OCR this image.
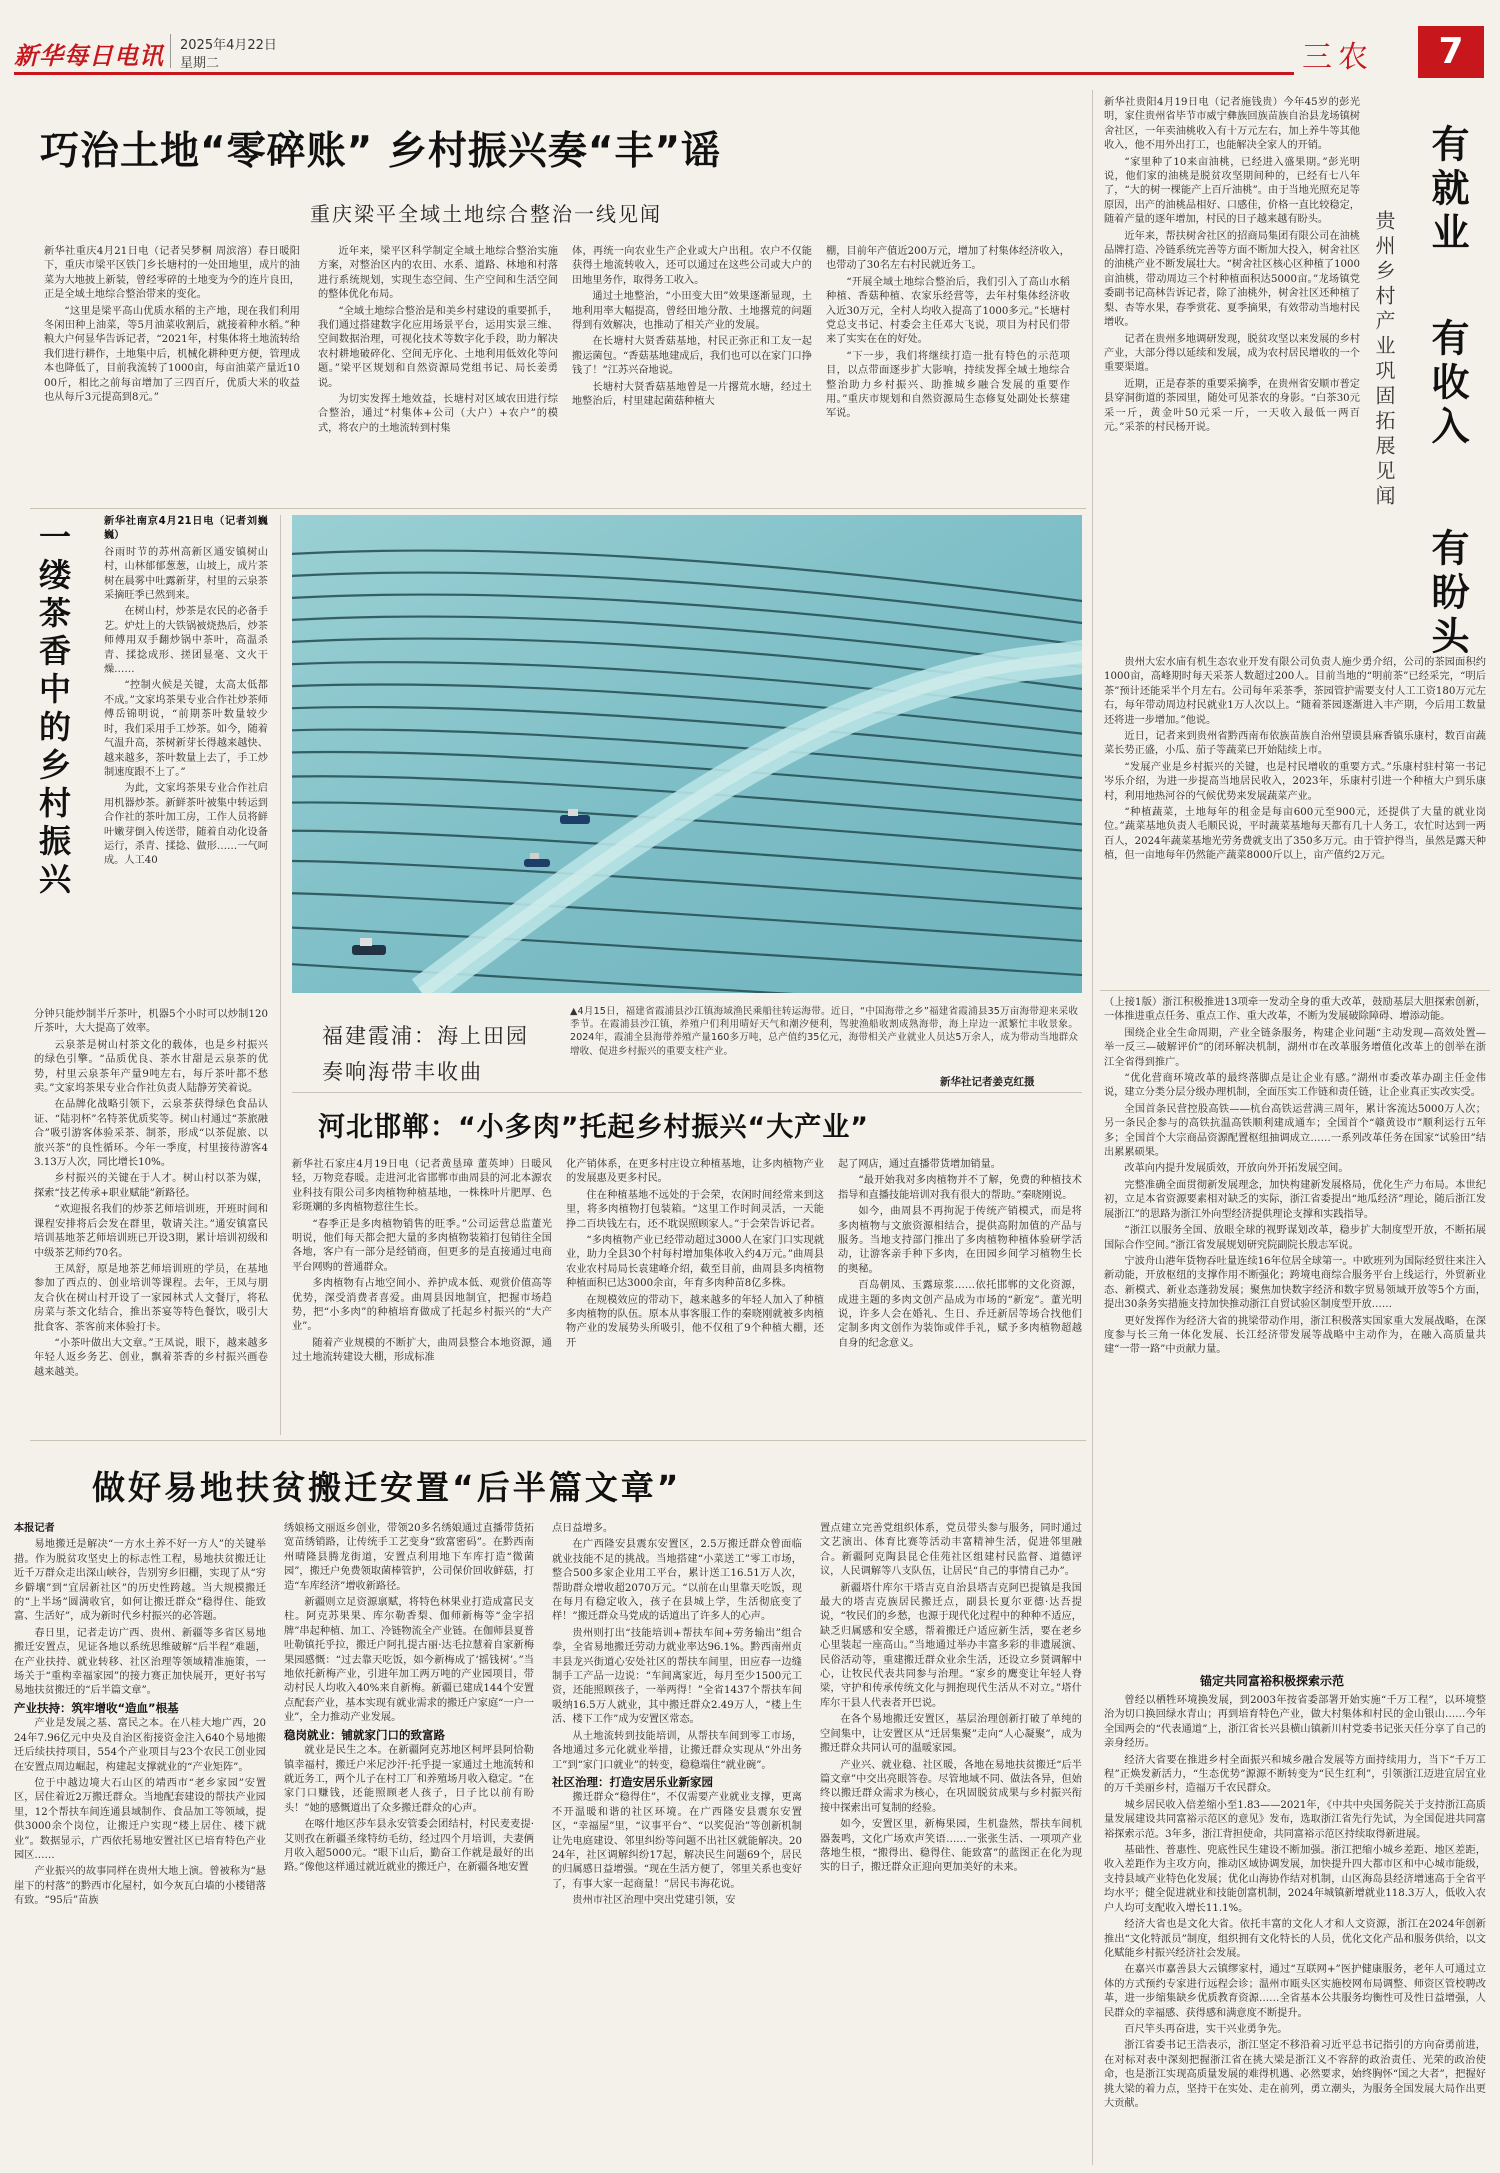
新华每日电讯 2025年4月22日
星期二	三农	7
巧治土地“零碎账” 乡村振兴奏“丰”谣
重庆梁平全域土地综合整治一线见闻

新华社重庆4月21日电（记者吴梦桐 周滨溶）春日暖阳下，重庆市梁平区铁门乡长塘村的一处田地里，成片的油菜为大地披上新装，曾经零碎的土地变为今的连片良田，正是全域土地综合整治带来的变化。

“这里是梁平高山优质水稻的主产地，现在我们利用冬闲田种上油菜，等5月油菜收割后，就接着种水稻。”种粮大户何显华告诉记者，“2021年，村集体将土地流转给我们进行耕作，土地集中后，机械化耕种更方便，管理成本也降低了，目前我流转了1000亩，每亩油菜产量近1000斤，相比之前每亩增加了三四百斤，优质大米的收益也从每斤3元提高到8元。”

近年来，梁平区科学制定全域土地综合整治实施方案，对整治区内的农田、水系、道路、林地和村落进行系统规划，实现生态空间、生产空间和生活空间的整体优化布局。

“全域土地综合整治是和美乡村建设的重要抓手，我们通过搭建数字化应用场景平台，运用实景三维、空间数据治理，可视化技术等数字化手段，助力解决农村耕地破碎化、空间无序化、土地利用低效化等问题。”梁平区规划和自然资源局党组书记、局长姜勇说。

为切实发挥土地效益，长塘村对区域农田进行综合整治，通过“村集体+公司（大户）+农户”的模式，将农户的土地流转到村集

体，再统一向农业生产企业或大户出租。农户不仅能获得土地流转收入，还可以通过在这些公司或大户的田地里务作，取得务工收入。

通过土地整治，“小田变大田”效果逐渐显现，土地利用率大幅提高，曾经田地分散、土地撂荒的问题得到有效解决，也推动了相关产业的发展。

在长塘村大贤香菇基地，村民正弥正和工友一起搬运菌包。“香菇基地建成后，我们也可以在家门口挣钱了！”江苏兴奋地说。

长塘村大贤香菇基地曾是一片撂荒水塘，经过土地整治后，村里建起菌菇种植大

棚，目前年产值近200万元，增加了村集体经济收入，也带动了30名左右村民就近务工。

“开展全域土地综合整治后，我们引入了高山水稻种植、香菇种植、农家乐经营等，去年村集体经济收入近30万元，全村人均收入提高了1000多元。”长塘村党总支书记、村委会主任邓大飞说，项目为村民们带来了实实在在的好处。

“下一步，我们将继续打造一批有特色的示范项目，以点带面逐步扩大影响，持续发挥全域土地综合整治助力乡村振兴、助推城乡融合发展的重要作用。”重庆市规划和自然资源局生态修复处副处长蔡建军说。

一缕茶香中的乡村振兴	新华社南京4月21日电（记者刘巍巍）

谷雨时节的苏州高新区通安镇树山村，山林郁郁葱葱，山坡上，成片茶树在晨雾中吐露新芽，村里的云泉茶采摘旺季已然到来。

在树山村，炒茶是农民的必备手艺。炉灶上的大铁锅被烧热后，炒茶师傅用双手翻炒锅中茶叶，高温杀青、揉捻成形、搓团显毫、文火干燥……

“控制火候是关键，太高太低都不成。”文家坞茶果专业合作社炒茶师傅岳锦明说，“前期茶叶数量较少时，我们采用手工炒茶。如今，随着气温升高，茶树新芽长得越来越快、越来越多，茶叶数量上去了，手工炒制速度跟不上了。”

为此，文家坞茶果专业合作社启用机器炒茶。新鲜茶叶被集中转运到合作社的茶叶加工房，工作人员将鲜叶嫩芽倒入传送带，随着自动化设备运行，杀青、揉捻、做形……一气呵成。人工40

分钟只能炒制半斤茶叶，机器5个小时可以炒制120斤茶叶，大大提高了效率。

云泉茶是树山村茶文化的载体，也是乡村振兴的绿色引擎。“品质优良、茶水甘甜是云泉茶的优势，村里云泉茶年产量9吨左右，每斤茶叶都不愁卖。”文家坞茶果专业合作社负责人陆静芳笑着说。

在品牌化战略引领下，云泉茶获得绿色食品认证、“陆羽杯”名特茶优质奖等。树山村通过“茶旅融合”吸引游客体验采茶、制茶，形成“以茶促旅、以旅兴茶”的良性循环。今年一季度，村里接待游客43.13万人次，同比增长10%。

乡村振兴的关键在于人才。树山村以茶为媒，探索“技艺传承+职业赋能”新路径。

“欢迎报名我们的炒茶艺师培训班，开班时间和课程安排将后会发在群里，敬请关注。”通安镇富民培训基地茶艺师培训班已开设3期，累计培训初级和中级茶艺师约70名。

王凤舒，原是地茶艺师培训班的学员，在基地参加了西点的、创业培训等课程。去年，王凤与朋友合伙在树山村开设了一家园林式人文餐厅，将私房菜与茶文化结合，推出茶宴等特色餐饮，吸引大批食客、茶客前来体验打卡。

“小茶叶做出大文章。”王凤说，眼下，越来越多年轻人返乡务艺、创业，飘着茶香的乡村振兴画卷越来越美。

福建霞浦：海上田园
奏响海带丰收曲
▲4月15日，福建省霞浦县沙江镇海域渔民乘船往转运海带。近日，“中国海带之乡”福建省霞浦县35万亩海带迎来采收季节。在霞浦县沙江镇，养殖户们利用晴好天气和潮汐便利，驾驶渔船收割成熟海带，海上岸边一派繁忙丰收景象。2024年，霞浦全县海带养殖产量160多万吨，总产值约35亿元，海带相关产业就业人员达5万余人，成为带动当地群众增收、促进乡村振兴的重要支柱产业。
新华社记者姜克红摄
河北邯郸：“小多肉”托起乡村振兴“大产业”

新华社石家庄4月19日电（记者黄垦璋 董英坤）日暖风轻，万物竞春暖。走进河北省邯郸市曲周县的河北本源农业科技有限公司多肉植物种植基地，一株株叶片肥厚、色彩斑斓的多肉植物惹往生长。

“春季正是多肉植物销售的旺季。”公司运营总监董光明说，他们每天都会把大量的多肉植物装箱打包销往全国各地，客户有一部分是经销商，但更多的是直接通过电商平台网购的普通群众。

多肉植物有占地空间小、养护成本低、观赏价值高等优势，深受消费者喜爱。曲周县因地制宜，把握市场趋势，把“小多肉”的种植培育做成了托起乡村振兴的“大产业”。

随着产业规模的不断扩大，曲周县整合本地资源，通过土地流转建设大棚，形成标准

化产销体系，在更多村庄设立种植基地，让多肉植物产业的发展惠及更多村民。

住在种植基地不远处的于会荣，农闲时间经常来到这里，将多肉植物打包装箱。“这里工作时间灵活，一天能挣二百块钱左右，还不耽误照顾家人。”于会荣告诉记者。

“多肉植物产业已经带动超过3000人在家门口实现就业，助力全县30个村每村增加集体收入约4万元。”曲周县农业农村局局长袁建峰介绍，截至目前，曲周县多肉植物种植面积已达3000余亩，年育多肉种苗8亿多株。

在规模效应的带动下，越来越多的年轻人加入了种植多肉植物的队伍。原本从事客服工作的秦晓刚就被多肉植物产业的发展势头所吸引，他不仅租了9个种植大棚，还开

起了网店，通过直播带货增加销量。

“最开始我对多肉植物并不了解，免费的种植技术指导和直播技能培训对我有很大的帮助。”秦晓刚说。

如今，曲周县不再拘泥于传统产销模式，而是将多肉植物与文旅资源相结合，提供高附加值的产品与服务。当地支持部门推出了多肉植物种植体验研学活动，让游客亲手种下多肉，在田园乡间学习植物生长的奥秘。

百岛朝凤、玉露琼浆……依托邯郸的文化资源，成进主题的多肉文创产品成为市场的“新宠”。董光明说，许多人会在婚礼、生日、乔迁新居等场合找他们定制多肉文创作为装饰或伴手礼，赋予多肉植物超越自身的纪念意义。

做好易地扶贫搬迁安置“后半篇文章”

本报记者

易地搬迁是解决“一方水土养不好一方人”的关键举措。作为脱贫攻坚史上的标志性工程，易地扶贫搬迁让近千万群众走出深山峡谷，告别穷乡旧棚，实现了从“穷乡僻壤”到“宜居新社区”的历史性跨越。当大规模搬迁的“上半场”圆满收官，如何让搬迁群众“稳得住、能致富、生活好”，成为新时代乡村振兴的必答题。

春日里，记者走访广西、贵州、新疆等多省区易地搬迁安置点，见证各地以系统思维破解“后半程”难题，在产业扶持、就业转移、社区治理等领域精准施策，一场关于“重构幸福家园”的接力赛正加快展开，更好书写易地扶贫搬迁的“后半篇文章”。

产业扶持：筑牢增收“造血”根基

产业是发展之基、富民之本。在八桂大地广西，2024年7.96亿元中央及自治区衔接资金注入640个易地搬迁后续扶持项目，554个产业项目与23个农民工创业园在安置点周边崛起，构建起支撑就业的“产业矩阵”。

位于中越边境大石山区的靖西市“老乡家园”安置区，居住着近2万搬迁群众。当地配套建设的帮扶产业园里，12个帮扶车间连通县域制作、食品加工等领域，提供3000余个岗位，让搬迁户实现“楼上居住、楼下就业”。数据显示，广西依托易地安置社区已培育特色产业园区……

产业振兴的故事同样在贵州大地上演。曾被称为“悬崖下的村落”的黔西市化屋村，如今灰瓦白墙的小楼错落有致。“95后”苗族

绣娘杨文丽返乡创业，带领20多名绣娘通过直播带货拓宽苗绣销路，让传统手工艺变身“致富密码”。在黔西南州晴隆县腾龙街道，安置点利用地下车库打造“微菌园”，搬迁户免费领取菌棒管护，公司保价回收鲜菇，打造“车库经济”增收新路径。

新疆则立足资源禀赋，将特色林果业打造成富民支柱。阿克苏果果、库尔勒香梨、伽师新梅等“金字招牌”串起种植、加工、冷链物流全产业链。在伽师县夏普吐勒镇托乎拉，搬迁户阿扎提古丽·达毛拉慧着自家新梅果园感慨：“过去靠天吃饭，如今新梅成了‘摇钱树’。”当地依托新梅产业，引进年加工两万吨的产业园项目，带动村民人均收入40%来自新梅。新疆已建成144个安置点配套产业，基本实现有就业需求的搬迁户家庭“一户一业”，全力推动产业发展。

稳岗就业：铺就家门口的致富路

就业是民生之本。在新疆阿克苏地区柯坪县阿恰勒镇幸福村，搬迁户米尼沙汗·托乎提一家通过土地流转和就近务工，两个儿子在村工厂和养殖场月收入稳定。“在家门口赚钱，还能照顾老人孩子，日子比以前有盼头！”她的感慨道出了众多搬迁群众的心声。

在喀什地区莎车县永安管委会团结村，村民麦麦提·艾则孜在新疆圣缘特纺毛纺，经过四个月培训，夫妻俩月收入超5000元。“眼下山后，勤奋工作就是最好的出路。”像他这样通过就近就业的搬迁户，在新疆各地安置

点日益增多。

在广西隆安县震东安置区，2.5万搬迁群众曾面临就业技能不足的挑战。当地搭建“小菜送工”零工市场，整合500多家企业用工平台，累计送工16.51万人次，帮助群众增收超2070万元。“以前在山里靠天吃饭，现在每月有稳定收入，孩子在县城上学，生活彻底变了样！”搬迁群众马党成的话道出了许多人的心声。

贵州则打出“技能培训+帮扶车间+劳务输出”组合拳，全省易地搬迁劳动力就业率达96.1%。黔西南州贞丰县龙兴街道心安处社区的帮扶车间里，田应春一边缝制手工产品一边说：“车间离家近，每月至少1500元工资，还能照顾孩子，一举两得！”全省1437个帮扶车间吸纳16.5万人就业，其中搬迁群众2.49万人，“楼上生活、楼下工作”成为安置区常态。

从土地流转到技能培训，从帮扶车间到零工市场，各地通过多元化就业举措，让搬迁群众实现从“外出务工”到“家门口就业”的转变，稳稳端住“就业碗”。

社区治理：打造安居乐业新家园

搬迁群众“稳得住”，不仅需要产业就业支撑，更离不开温暖和谐的社区环境。在广西隆安县震东安置区，“幸福屋”里，“议事平台”、“以奖促治”等创新机制让先电庭建设、邻里纠纷等问题不出社区就能解决。2024年，社区调解纠纷17起，解决民生问题69个，居民的归属感日益增强。“现在生活方便了，邻里关系也变好了，有事大家一起商量！”居民韦海花说。

贵州市社区治理中突出党建引领，安

置点建立完善党组织体系，党员带头参与服务，同时通过文艺演出、体育比赛等活动丰富精神生活，促进邻里融合。新疆阿克陶县昆仑佳苑社区组建村民监督、道德评议，人民调解等八支队伍，让居民“自己的事情自己办”。

新疆塔什库尔干塔吉克自治县塔吉克阿巴提镇是我国最大的塔吉克族居民搬迁点，副县长夏尔亚德·达吾提说，“牧民们的乡愁，也源于现代化过程中的种种不适应，缺乏归属感和安全感，帮着搬迁户适应新生活，要在老乡心里装起一座高山。”当地通过举办丰富多彩的非遗展演、民俗活动等，重建搬迁群众业余生活，还设立乡贤调解中心，让牧民代表共同参与治理。“家乡的鹰变让年轻人脊梁，守护和传承传统文化与拥抱现代生活从不对立。”塔什库尔干县人代表者开巴说。

在各个易地搬迁安置区，基层治理创新打破了单纯的空间集中，让安置区从“迁居集聚”走向“人心凝聚”，成为搬迁群众共同认可的温暖家园。

产业兴、就业稳、社区暖，各地在易地扶贫搬迁“后半篇文章”中交出亮眼答卷。尽管地域不同、做法各异，但始终以搬迁群众需求为核心，在巩固脱贫成果与乡村振兴衔接中探索出可复制的经验。

如今，安置区里，新梅果园，生机盎然，帮扶车间机器轰鸣，文化广场欢声笑语……一张张生活、一项项产业落地生根，“搬得出、稳得住、能致富”的蓝图正在化为现实的日子，搬迁群众正迎向更加美好的未来。

有就业
有收入
有盼头
贵州乡村产业巩固拓展见闻

新华社贵阳4月19日电（记者施钱贵）今年45岁的彭光明，家住贵州省毕节市威宁彝族回族苗族自治县龙场镇树舍社区，一年卖油桃收入有十万元左右，加上养牛等其他收入，他不用外出打工，也能解决全家人的开销。

“家里种了10来亩油桃，已经进入盛果期。”彭光明说，他们家的油桃是脱贫攻坚期间种的，已经有七八年了，“大的树一棵能产上百斤油桃”。由于当地光照充足等原因，出产的油桃品相好、口感佳，价格一直比较稳定，随着产量的逐年增加，村民的日子越来越有盼头。

近年来，帮扶树舍社区的招商局集团有限公司在油桃品牌打造、冷链系统完善等方面不断加大投入，树舍社区的油桃产业不断发展壮大。“树舍社区核心区种植了1000亩油桃，带动周边三个村种植面积达5000亩。”龙场镇党委副书记高林告诉记者，除了油桃外，树舍社区还种植了梨、杏等水果，春季赏花、夏季摘果，有效带动当地村民增收。

记者在贵州多地调研发现，脱贫攻坚以来发展的乡村产业，大部分得以延续和发展，成为农村居民增收的一个重要渠道。

近期，正是春茶的重要采摘季，在贵州省安顺市普定县穿洞街道的茶园里，随处可见茶农的身影。“白茶30元采一斤，黄金叶50元采一斤，一天收入最低一两百元。”采茶的村民杨开说。

贵州大宏水庙有机生态农业开发有限公司负责人施少勇介绍，公司的茶园面积约1000亩，高峰期时每天采茶人数超过200人。目前当地的“明前茶”已经采完，“明后茶”预计还能采半个月左右。公司每年采茶季，茶园管护需要支付人工工资180万元左右，每年带动周边村民就业1万人次以上。“随着茶园逐渐进入丰产期，今后用工数量还将进一步增加。”他说。

近日，记者来到贵州省黔西南布依族苗族自治州望谟县麻香镇乐康村，数百亩蔬菜长势正盛，小瓜、茄子等蔬菜已开始陆续上市。

“发展产业是乡村振兴的关键，也是村民增收的重要方式。”乐康村驻村第一书记岑乐介绍，为进一步提高当地居民收入，2023年，乐康村引进一个种植大户到乐康村，利用地热河谷的气候优势来发展蔬菜产业。

“种植蔬菜，土地每年的租金是每亩600元至900元，还提供了大量的就业岗位。”蔬菜基地负责人毛顺民说，平时蔬菜基地每天都有几十人务工，农忙时达到一两百人，2024年蔬菜基地光劳务费就支出了350多万元。由于管护得当，虽然是露天种植，但一亩地每年仍然能产蔬菜8000斤以上，亩产值约2万元。

（上接1版）浙江积极推进13项牵一发动全身的重大改革，鼓励基层大胆探索创新，一体推进重点任务、重点工作、重大改革，不断为发展破除障碍、增添动能。

围绕企业全生命周期，产业全链条服务，构建企业问题“主动发现—高效处置—举一反三—破解评价”的闭环解决机制，湖州市在改革服务增值化改革上的创举在浙江全省得到推广。

“优化营商环境改革的最终落脚点是让企业有感。”湖州市委改革办副主任金伟说，建立分类分层分级办理机制，全面压实工作链和责任链，让企业真正实改实受。

全国首条民营控股高铁——杭台高铁运营满三周年，累计客流达5000万人次；另一条民企参与的高铁抗温高铁顺利建成通车；全国首个“赣黄设市”顺利运行五年多；全国首个大宗商品资源配置枢纽抽调成立……一系列改革任务在国家“试验田”结出累累硕果。

改革向内提升发展质效，开放向外开拓发展空间。

完整准确全面贯彻新发展理念，加快构建新发展格局，优化生产力布局。本世纪初，立足本省资源要素相对缺乏的实际，浙江省委提出“地瓜经济”理论，随后浙江发展浙江”的思路为浙江外向型经济提供理论支撑和实践指导。

“浙江以服务全国、放眼全球的视野谋划改革，稳步扩大制度型开放，不断拓展国际合作空间。”浙江省发展规划研究院副院长殷志军说。

宁波舟山港年货物吞吐量连续16年位居全球第一。中欧班列为国际经贸往来注入新动能，开放枢纽的支撑作用不断强化；跨境电商综合服务平台上线运行，外贸新业态、新模式、新业态蓬勃发展；聚焦加快数字经济和数字贸易领域开放等5个方面，提出30条务实措施支持加快推动浙江自贸试验区制度型开放……

更好发挥作为经济大省的挑梁带动作用，浙江积极落实国家重大发展战略，在深度参与长三角一体化发展、长江经济带发展等战略中主动作为，在融入高质量共建“一带一路”中贡献力量。

锚定共同富裕积极探索示范

曾经以栖牲环境换发展，到2003年按省委部署开始实施“千万工程”，以环境整治为切口换回绿水青山；再到培育特色产业，做大村集体和村民的金山银山……今年全国两会的“代表通道”上，浙江省长兴县横山镇新川村党委书记张天任分享了自己的亲身经历。

经济大省要在推进乡村全面振兴和城乡融合发展等方面持续用力，当下“千万工程”正焕发新活力，“生态优势”源源不断转变为“民生红利”，引领浙江迈进宜居宜业的万千美丽乡村，造福万千农民群众。

城乡居民收入倍差缩小至1.83——2021年，《中共中央国务院关于支持浙江高质量发展建设共同富裕示范区的意见》发布，选取浙江省先行先试，为全国促进共同富裕探索示范。3年多，浙江背担使命，共同富裕示范区持续取得新进展。

基础性、普惠性、兜底性民生建设不断加强。浙江把缩小城乡差距、地区差距，收入差距作为主攻方向，推动区域协调发展，加快提升四大都市区和中心城市能级，支持县域产业特色化发展；优化山海协作结对机制，山区海岛县经济增速高于全省平均水平；健全促进就业和技能创富机制，2024年城镇新增就业118.3万人，低收入农户人均可支配收入增长11.1%。

经济大省也是文化大省。依托丰富的文化人才和人文资源，浙江在2024年创新推出“文化特派员”制度，组织拥有文化特长的人员，优化文化产品和服务供给，以文化赋能乡村振兴经济社会发展。

在嘉兴市嘉善县大云镇缪家村，通过“互联网+”医护健康服务，老年人可通过立体的方式预约专家进行远程会诊；温州市瓯头区实施校网布局调整、师资区管校聘改革，进一步缩集缺乡优质教育资源……全省基本公共服务均衡性可及性日益增强，人民群众的幸福感、获得感和满意度不断提升。

百尺竿头再奋进，实干兴业勇争先。

浙江省委书记王浩表示，浙江坚定不移沿着习近平总书记指引的方向奋勇前进，在对标对表中深刻把握浙江省在挑大梁是浙江义不容辞的政治责任、光荣的政治使命，也是浙江实现高质量发展的难得机遇、必然要求，始终胸怀“国之大者”，把握好挑大梁的着力点，坚持干在实处、走在前列，勇立潮头，为服务全国发展大局作出更大贡献。
